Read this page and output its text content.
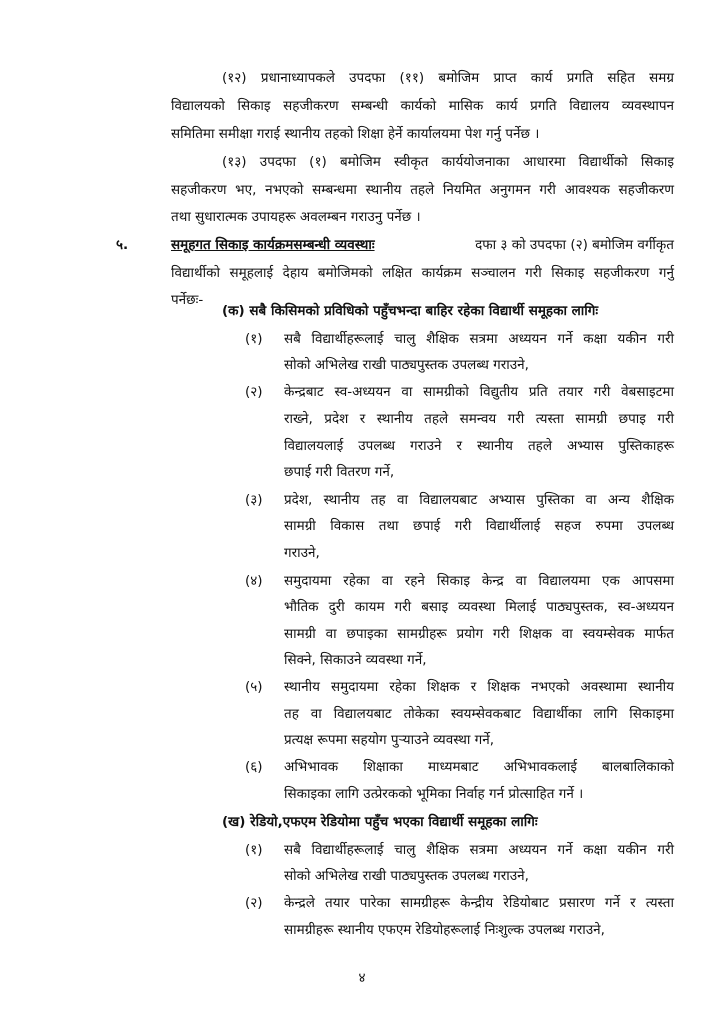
(१२) प्रधानाध्यापकले उपदफा (११) बमोजिम प्राप्त कार्य प्रगति सहित समग्र
विद्यालयको सिकाइ सहजीकरण सम्बन्धी कार्यको मासिक कार्य प्रगति विद्यालय व्यवस्थापन
समितिमा समीक्षा गराई स्थानीय तहको शिक्षा हेर्ने कार्यालयमा पेश गर्नु पर्नेछ ।
(१३) उपदफा (१) बमोजिम स्वीकृत कार्ययोजनाका आधारमा विद्यार्थीको सिकाइ
सहजीकरण भए, नभएको सम्बन्धमा स्थानीय तहले नियमित अनुगमन गरी आवश्यक सहजीकरण
तथा सुधारात्मक उपायहरू अवलम्बन गराउनु पर्नेछ ।
५.	समूहगत सिकाइ कार्यक्रमसम्बन्धी व्यवस्थाः	दफा ३ को उपदफा (२) बमोजिम वर्गीकृत
विद्यार्थीको समूहलाई देहाय बमोजिमको लक्षित कार्यक्रम सञ्चालन गरी सिकाइ सहजीकरण गर्नु
पर्नेछः-
(क) सबै किसिमको प्रविधिको पहुँचभन्दा बाहिर रहेका विद्यार्थी समूहका लागिः
(१) सबै विद्यार्थीहरूलाई चालु शैक्षिक सत्रमा अध्ययन गर्ने कक्षा यकीन गरी
सोको अभिलेख राखी पाठ्यपुस्तक उपलब्ध गराउने,
(२) केन्द्रबाट स्व-अध्ययन वा सामग्रीको विद्युतीय प्रति तयार गरी वेबसाइटमा
राख्ने, प्रदेश र स्थानीय तहले समन्वय गरी त्यस्ता सामग्री छपाइ गरी
विद्यालयलाई उपलब्ध गराउने र स्थानीय तहले अभ्यास पुस्तिकाहरू
छपाई गरी वितरण गर्ने,
(३) प्रदेश, स्थानीय तह वा विद्यालयबाट अभ्यास पुस्तिका वा अन्य शैक्षिक
सामग्री विकास तथा छपाई गरी विद्यार्थीलाई सहज रुपमा उपलब्ध
गराउने,
(४) समुदायमा रहेका वा रहने सिकाइ केन्द्र वा विद्यालयमा एक आपसमा
भौतिक दुरी कायम गरी बसाइ व्यवस्था मिलाई पाठ्यपुस्तक, स्व-अध्ययन
सामग्री वा छपाइका सामग्रीहरू प्रयोग गरी शिक्षक वा स्वयम्सेवक मार्फत
सिक्ने, सिकाउने व्यवस्था गर्ने,
(५) स्थानीय समुदायमा रहेका शिक्षक र शिक्षक नभएको अवस्थामा स्थानीय
तह वा विद्यालयबाट तोकेका स्वयम्सेवकबाट विद्यार्थीका लागि सिकाइमा
प्रत्यक्ष रूपमा सहयोग पुर्‍याउने व्यवस्था गर्ने,
(६) अभिभावक शिक्षाका माध्यमबाट अभिभावकलाई बालबालिकाको
सिकाइका लागि उत्प्रेरकको भूमिका निर्वाह गर्न प्रोत्साहित गर्ने ।
(ख) रेडियो,एफएम रेडियोमा पहुँच भएका विद्यार्थी समूहका लागिः
(१) सबै विद्यार्थीहरूलाई चालु शैक्षिक सत्रमा अध्ययन गर्ने कक्षा यकीन गरी
सोको अभिलेख राखी पाठ्यपुस्तक उपलब्ध गराउने,
(२) केन्द्रले तयार पारेका सामग्रीहरू केन्द्रीय रेडियोबाट प्रसारण गर्ने र त्यस्ता
सामग्रीहरू स्थानीय एफएम रेडियोहरूलाई निःशुल्क उपलब्ध गराउने,
४
